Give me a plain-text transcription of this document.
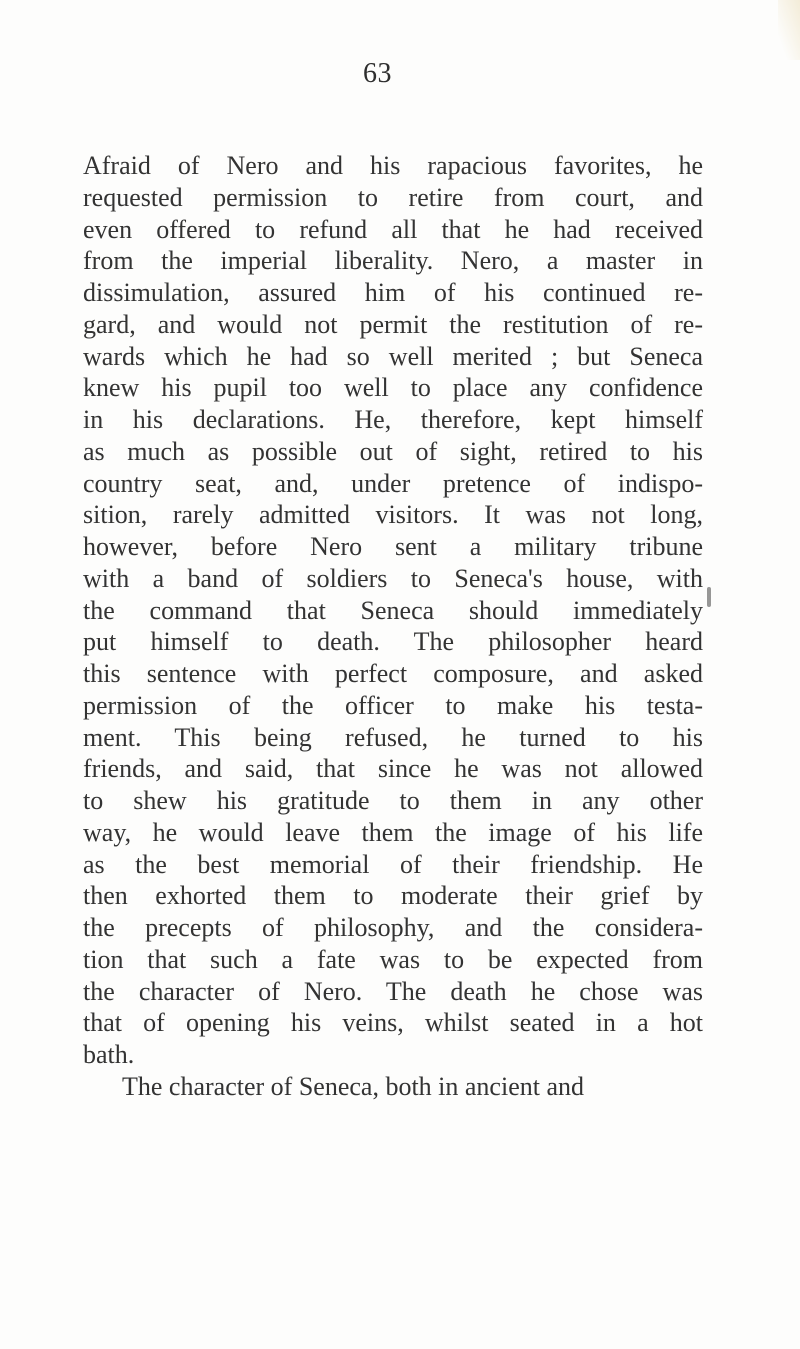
63
Afraid of Nero and his rapacious favorites, he
requested permission to retire from court, and
even offered to refund all that he had received
from the imperial liberality. Nero, a master in
dissimulation, assured him of his continued re-
gard, and would not permit the restitution of re-
wards which he had so well merited ; but Seneca
knew his pupil too well to place any confidence
in his declarations. He, therefore, kept himself
as much as possible out of sight, retired to his
country seat, and, under pretence of indispo-
sition, rarely admitted visitors. It was not long,
however, before Nero sent a military tribune
with a band of soldiers to Seneca's house, with
the command that Seneca should immediately
put himself to death. The philosopher heard
this sentence with perfect composure, and asked
permission of the officer to make his testa-
ment. This being refused, he turned to his
friends, and said, that since he was not allowed
to shew his gratitude to them in any other
way, he would leave them the image of his life
as the best memorial of their friendship. He
then exhorted them to moderate their grief by
the precepts of philosophy, and the considera-
tion that such a fate was to be expected from
the character of Nero. The death he chose was
that of opening his veins, whilst seated in a hot
bath.
The character of Seneca, both in ancient and
